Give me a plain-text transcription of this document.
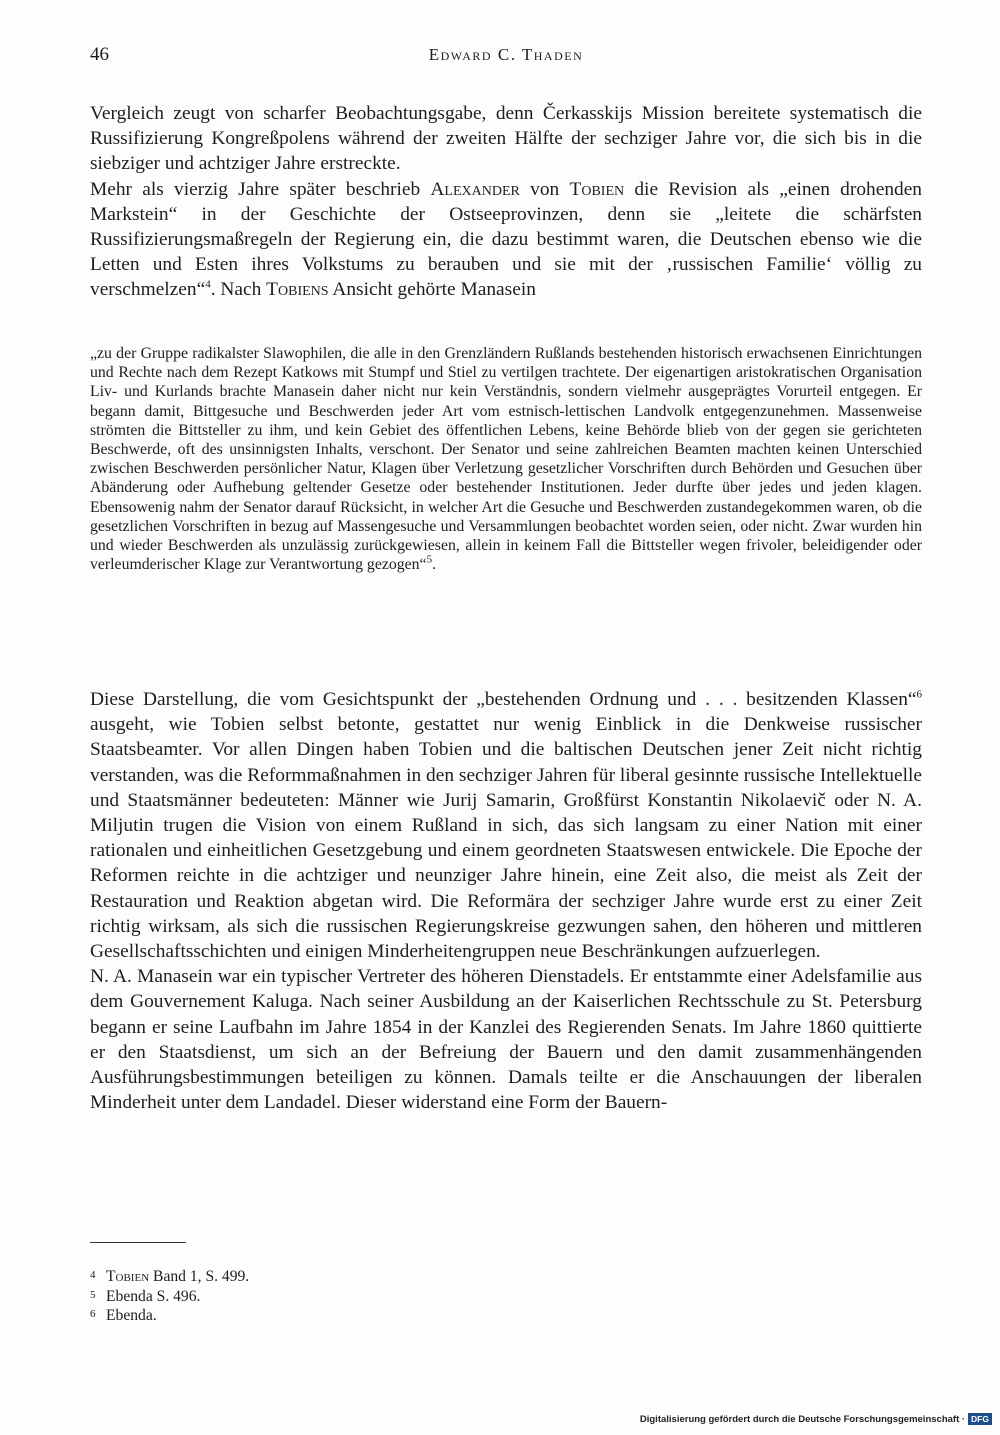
46	Edward C. Thaden

Vergleich zeugt von scharfer Beobachtungsgabe, denn Čerkasskijs Mission bereitete systematisch die Russifizierung Kongreßpolens während der zweiten Hälfte der sechziger Jahre vor, die sich bis in die siebziger und achtziger Jahre erstreckte.

Mehr als vierzig Jahre später beschrieb Alexander von Tobien die Revision als „einen drohenden Markstein“ in der Geschichte der Ostseeprovinzen, denn sie „leitete die schärfsten Russifizierungsmaßregeln der Regierung ein, die dazu bestimmt waren, die Deutschen ebenso wie die Letten und Esten ihres Volkstums zu berauben und sie mit der ‚russischen Familie‘ völlig zu verschmelzen“$^4$. Nach Tobiens Ansicht gehörte Manasein

„zu der Gruppe radikalster Slawophilen, die alle in den Grenzländern Rußlands bestehenden historisch erwachsenen Einrichtungen und Rechte nach dem Rezept Katkows mit Stumpf und Stiel zu vertilgen trachtete. Der eigenartigen aristokratischen Organisation Liv- und Kurlands brachte Manasein daher nicht nur kein Verständnis, sondern vielmehr ausgeprägtes Vorurteil entgegen. Er begann damit, Bittgesuche und Beschwerden jeder Art vom estnisch-lettischen Landvolk entgegenzunehmen. Massenweise strömten die Bittsteller zu ihm, und kein Gebiet des öffentlichen Lebens, keine Behörde blieb von der gegen sie gerichteten Beschwerde, oft des unsinnigsten Inhalts, verschont. Der Senator und seine zahlreichen Beamten machten keinen Unterschied zwischen Beschwerden persönlicher Natur, Klagen über Verletzung gesetzlicher Vorschriften durch Behörden und Gesuchen über Abänderung oder Aufhebung geltender Gesetze oder bestehender Institutionen. Jeder durfte über jedes und jeden klagen. Ebensowenig nahm der Senator darauf Rücksicht, in welcher Art die Gesuche und Beschwerden zustandegekommen waren, ob die gesetzlichen Vorschriften in bezug auf Massengesuche und Versammlungen beobachtet worden seien, oder nicht. Zwar wurden hin und wieder Beschwerden als unzulässig zurückgewiesen, allein in keinem Fall die Bittsteller wegen frivoler, beleidigender oder verleumderischer Klage zur Verantwortung gezogen“$^5$.

Diese Darstellung, die vom Gesichtspunkt der „bestehenden Ordnung und . . . besitzenden Klassen“$^6$ ausgeht, wie Tobien selbst betonte, gestattet nur wenig Einblick in die Denkweise russischer Staatsbeamter. Vor allen Dingen haben Tobien und die baltischen Deutschen jener Zeit nicht richtig verstanden, was die Reformmaßnahmen in den sechziger Jahren für liberal gesinnte russische Intellektuelle und Staatsmänner bedeuteten: Männer wie Jurij Samarin, Großfürst Konstantin Nikolaevič oder N. A. Miljutin trugen die Vision von einem Rußland in sich, das sich langsam zu einer Nation mit einer rationalen und einheitlichen Gesetzgebung und einem geordneten Staatswesen entwickele. Die Epoche der Reformen reichte in die achtziger und neunziger Jahre hinein, eine Zeit also, die meist als Zeit der Restauration und Reaktion abgetan wird. Die Reformära der sechziger Jahre wurde erst zu einer Zeit richtig wirksam, als sich die russischen Regierungskreise gezwungen sahen, den höheren und mittleren Gesellschaftsschichten und einigen Minderheitengruppen neue Beschränkungen aufzuerlegen.

N. A. Manasein war ein typischer Vertreter des höheren Dienstadels. Er entstammte einer Adelsfamilie aus dem Gouvernement Kaluga. Nach seiner Ausbildung an der Kaiserlichen Rechtsschule zu St. Petersburg begann er seine Laufbahn im Jahre 1854 in der Kanzlei des Regierenden Senats. Im Jahre 1860 quittierte er den Staatsdienst, um sich an der Befreiung der Bauern und den damit zusammenhängenden Ausführungsbestimmungen beteiligen zu können. Damals teilte er die Anschauungen der liberalen Minderheit unter dem Landadel. Dieser widerstand eine Form der Bauern-

4 Tobien Band 1, S. 499.
5 Ebenda S. 496.
6 Ebenda.
Digitalisierung gefördert durch die Deutsche Forschungsgemeinschaft · DFG
